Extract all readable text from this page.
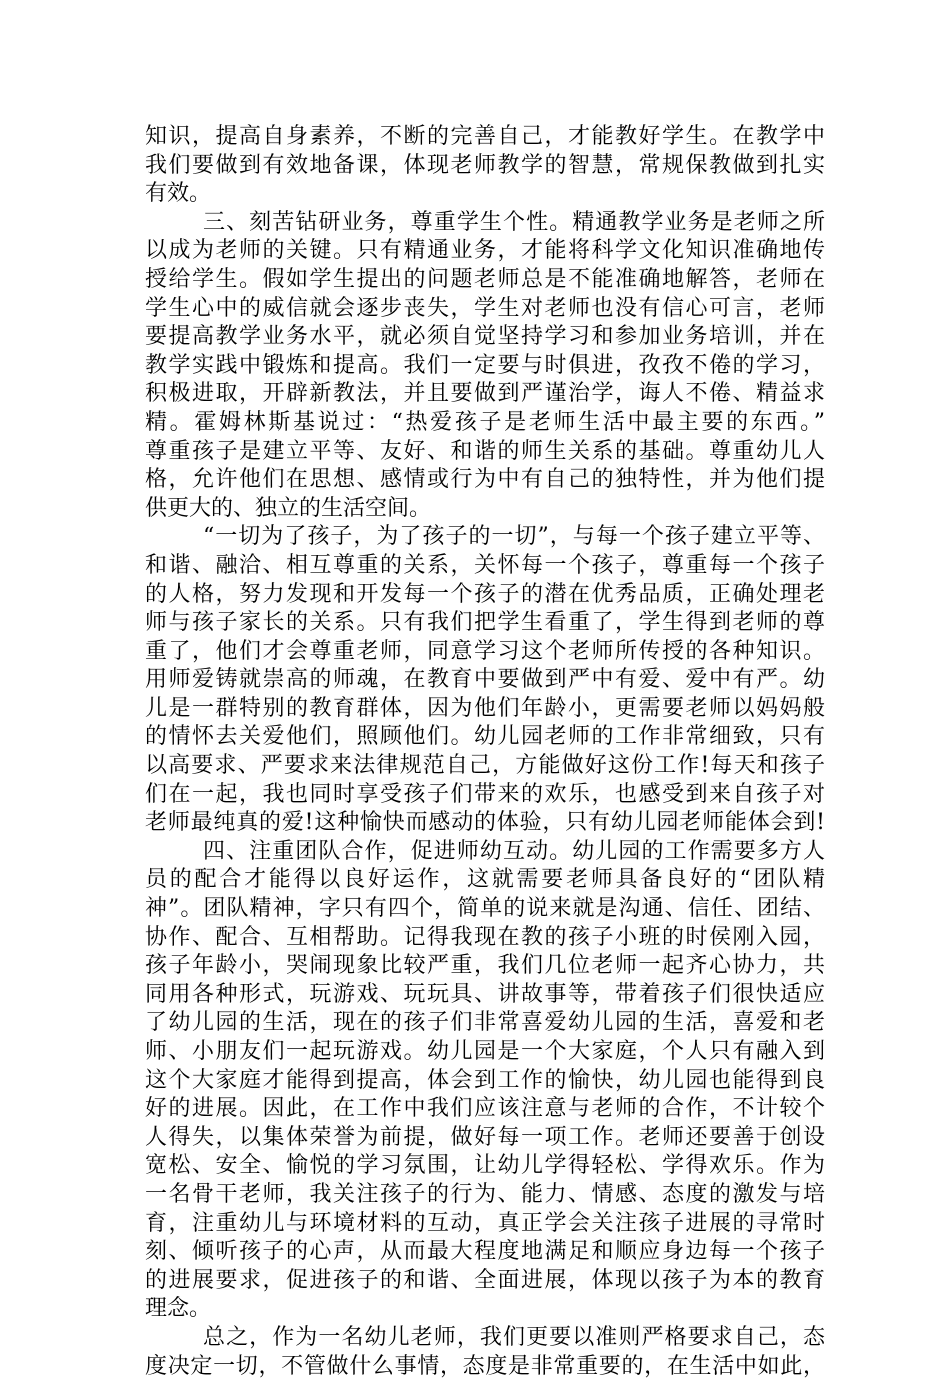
知识，提高自身素养，不断的完善自己，才能教好学生。在教学中
我们要做到有效地备课，体现老师教学的智慧，常规保教做到扎实
有效。
三、刻苦钻研业务，尊重学生个性。精通教学业务是老师之所
以成为老师的关键。只有精通业务，才能将科学文化知识准确地传
授给学生。假如学生提出的问题老师总是不能准确地解答，老师在
学生心中的威信就会逐步丧失，学生对老师也没有信心可言，老师
要提高教学业务水平，就必须自觉坚持学习和参加业务培训，并在
教学实践中锻炼和提高。我们一定要与时俱进，孜孜不倦的学习，
积极进取，开辟新教法，并且要做到严谨治学，诲人不倦、精益求
精。霍姆林斯基说过：“热爱孩子是老师生活中最主要的东西。”
尊重孩子是建立平等、友好、和谐的师生关系的基础。尊重幼儿人
格，允许他们在思想、感情或行为中有自己的独特性，并为他们提
供更大的、独立的生活空间。
“一切为了孩子，为了孩子的一切”，与每一个孩子建立平等、
和谐、融洽、相互尊重的关系，关怀每一个孩子，尊重每一个孩子
的人格，努力发现和开发每一个孩子的潜在优秀品质，正确处理老
师与孩子家长的关系。只有我们把学生看重了，学生得到老师的尊
重了，他们才会尊重老师，同意学习这个老师所传授的各种知识。
用师爱铸就崇高的师魂，在教育中要做到严中有爱、爱中有严。幼
儿是一群特别的教育群体，因为他们年龄小，更需要老师以妈妈般
的情怀去关爱他们，照顾他们。幼儿园老师的工作非常细致，只有
以高要求、严要求来法律规范自己，方能做好这份工作!每天和孩子
们在一起，我也同时享受孩子们带来的欢乐，也感受到来自孩子对
老师最纯真的爱!这种愉快而感动的体验，只有幼儿园老师能体会到!
四、注重团队合作，促进师幼互动。幼儿园的工作需要多方人
员的配合才能得以良好运作，这就需要老师具备良好的“团队精
神”。团队精神，字只有四个，简单的说来就是沟通、信任、团结、
协作、配合、互相帮助。记得我现在教的孩子小班的时侯刚入园，
孩子年龄小，哭闹现象比较严重，我们几位老师一起齐心协力，共
同用各种形式，玩游戏、玩玩具、讲故事等，带着孩子们很快适应
了幼儿园的生活，现在的孩子们非常喜爱幼儿园的生活，喜爱和老
师、小朋友们一起玩游戏。幼儿园是一个大家庭，个人只有融入到
这个大家庭才能得到提高，体会到工作的愉快，幼儿园也能得到良
好的进展。因此，在工作中我们应该注意与老师的合作，不计较个
人得失，以集体荣誉为前提，做好每一项工作。老师还要善于创设
宽松、安全、愉悦的学习氛围，让幼儿学得轻松、学得欢乐。作为
一名骨干老师，我关注孩子的行为、能力、情感、态度的激发与培
育，注重幼儿与环境材料的互动，真正学会关注孩子进展的寻常时
刻、倾听孩子的心声，从而最大程度地满足和顺应身边每一个孩子
的进展要求，促进孩子的和谐、全面进展，体现以孩子为本的教育
理念。
总之，作为一名幼儿老师，我们更要以准则严格要求自己，态
度决定一切，不管做什么事情，态度是非常重要的，在生活中如此，
